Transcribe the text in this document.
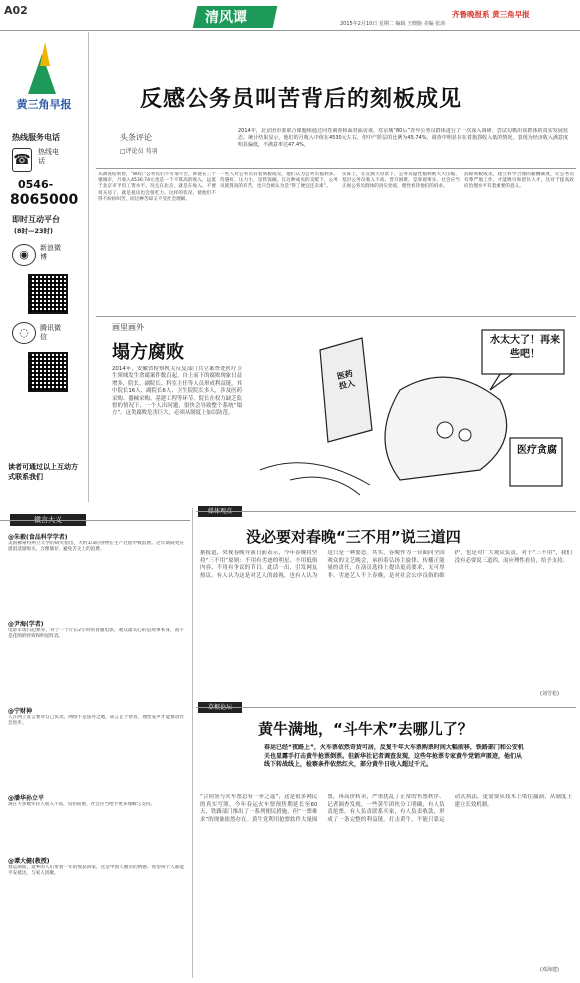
A02	清风谭	齐鲁晚报系 黄三角早报
2015年2月10日 星期二 编辑 王晓路 美编 张涛
黄三角早报
热线服务电话
☎ 热线电话
0546-
8065000
即时互动平台
(8时—23时)
◉	新浪微博
◌	腾讯微信
读者可通过以上互动方式联系我们
反感公务员叫苦背后的刻板成见
头条评论
□评论员 苟羽
2014年，北京团市委联合课题组通过问卷调查和面对面访谈，对京城“80后”青年公务员群体进行了一次深入调研。尝试勾勒出该群体的真实发展状态。统计结果显示，他们的月收入中值在4530元左右，但中产阶层的比例为45.74%，调查中明显存在着抱怨收入低的情况，表现为经济收入满意度明显偏低，不满意率达47.4%。
从调查结果看，“80后”公务员们不可谓不苦，即使在三十强城市，月收入4530.74元也是一个不算高的收入，远低于北京市平均工资水平。况且在北京，就是在收入、不要说买房了，就是租房也会很吃力。这样的状况，使他们不得不纷纷叫苦，而这种苦却又不受社会理解。
一些人对公务员有着刻板成见，他们认为公务员福利多、待遇好、压力小，是铁饭碗。在这种成见的支配下，公务员就算真的有苦，也只会被认为是“得了便宜还卖乖”。
实际上，在反腐大背景下，公务员隐性福利被大大压缩，基层公务员收入不高、晋升困难，是客观事实。社会应当正视公务员群体的真实处境，理性看待他们的诉求。
消除刻板成见，建立科学合理的薪酬制度，让公务员有尊严地工作，才能吸引和留住人才，这对于提高政府治理水平有着重要的意义。
画里画外
塌方腐败
2014年，安徽省检察机关反复部门共立案查处医疗卫生领域发生贪腐案件数百起。自上而下的腐败现象日益增多，院长、副院长、科室主任等人员形成利益链，其中院长16人、副院长6人、卫生院院长多人，涉及医药采购、器械采购、基建工程等环节。院长在权力缺乏监督的情况下，一个人出问题，很快会导致整个系统“塌方”。这类腐败危害巨大，必须从制度上加以防范。
水太大了！再来些吧！
医药投入
医疗贪腐
微言大义
@朱毅(食品科学学者)
美国佛蒙特州立大学的研究指出，大约1/3的食物在生产过程中被浪费。过年期间更应提倡适量购买、合理储存，避免舌尖上的浪费。
@尹海(学者)
电影市场日趋繁荣，对于一个片长2小时的普通电影，观众最关心的是故事本身，而不是花哨的特效和明星阵容。
@宁财神
人在网上发言要对自己负责。网络不是法外之地，谣言止于智者，理性发声才能推动社会进步。
@潘华孙立平
现在大多数年轻人收入不高，负担较重，社会应当给予更多理解与支持。
@谭大健(教授)
春运期间，返乡的人们带着一年的收获回家，这是中国人独有的情感。希望每个人都能平安抵达，与家人团聚。
媒体观点
没必要对春晚“三不用”说三道四
据报道，央视春晚导演日前表示，今年春晚将坚持“三不用”原则：不用有劣迹的明星、不用低俗内容、不用有争议的节目。此话一出，引发网友热议。有人认为这是对艺人的歧视，也有人认为这只是一种姿态。其实，春晚作为一台面向全国观众的文艺晚会，承担着弘扬主旋律、传播正能量的责任，在演员选择上提出更高要求，无可厚非。劣迹艺人不上春晚，是对社会公序良俗的维护，也是对广大观众负责。对于“三不用”，我们没有必要说三道四，而应理性看待，给予支持。
(刘雪松)
草根论坛
黄牛满地，“斗牛术”去哪儿了？
春运已经“夜路上”，火车票依然奇货可居，反复千年大车票购票时间大幅前移，铁路部门和公安机关也显露手打击黄牛抢票倒票。但新华社记者调查发现，这些年抢票专家黄牛党销声匿迹，他们从线下转战线上，检察条件依然红火，部分黄牛日收入超过千元。
“合同签与火车票总有一步之遥”，这是很多网民的真实写照。今年春运火车票预售期延长至60天，铁路部门推出了一系列便民措施，但“一票难求”的现象依然存在。黄牛党利用抢票软件大量囤票，再高价转卖，严重扰乱了正常的售票秩序。记者调查发现，一些黄牛团伙分工明确，有人负责抢票，有人负责联系买家，有人负责收款，形成了一条完整的利益链。打击黄牛，不能只靠运动式执法，更需要从技术上堵住漏洞，从制度上建立长效机制。
(邓海建)
